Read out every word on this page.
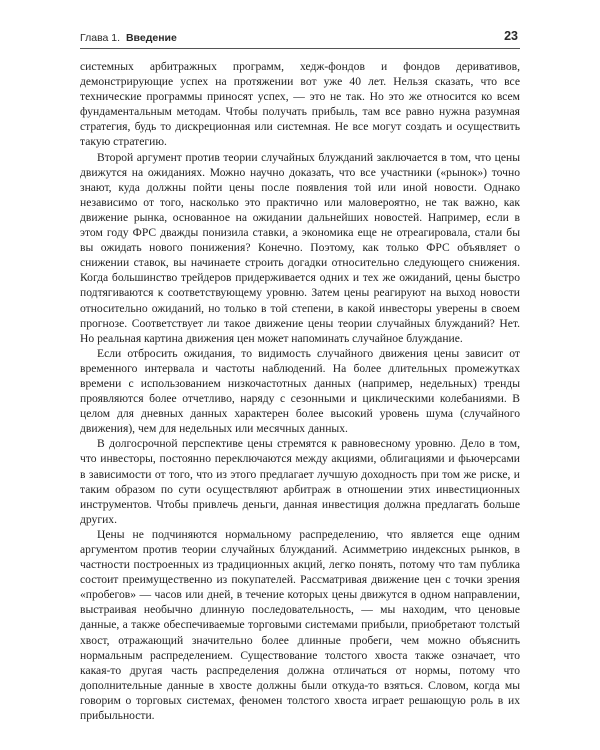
Глава 1. Введение	23

системных арбитражных программ, хедж-фондов и фондов деривативов, демонстрирующие успех на протяжении вот уже 40 лет. Нельзя сказать, что все технические программы приносят успех, — это не так. Но это же относится ко всем фундаментальным методам. Чтобы получать прибыль, там все равно нужна разумная стратегия, будь то дискреционная или системная. Не все могут создать и осуществить такую стратегию.

Второй аргумент против теории случайных блужданий заключается в том, что цены движутся на ожиданиях. Можно научно доказать, что все участники («рынок») точно знают, куда должны пойти цены после появления той или иной новости. Однако независимо от того, насколько это практично или маловероятно, не так важно, как движение рынка, основанное на ожидании дальнейших новостей. Например, если в этом году ФРС дважды понизила ставки, а экономика еще не отреагировала, стали бы вы ожидать нового понижения? Конечно. Поэтому, как только ФРС объявляет о снижении ставок, вы начинаете строить догадки относительно следующего снижения. Когда большинство трейдеров придерживается одних и тех же ожиданий, цены быстро подтягиваются к соответствующему уровню. Затем цены реагируют на выход новости относительно ожиданий, но только в той степени, в какой инвесторы уверены в своем прогнозе. Соответствует ли такое движение цены теории случайных блужданий? Нет. Но реальная картина движения цен может напоминать случайное блуждание.

Если отбросить ожидания, то видимость случайного движения цены зависит от временного интервала и частоты наблюдений. На более длительных промежутках времени с использованием низкочастотных данных (например, недельных) тренды проявляются более отчетливо, наряду с сезонными и циклическими колебаниями. В целом для дневных данных характерен более высокий уровень шума (случайного движения), чем для недельных или месячных данных.

В долгосрочной перспективе цены стремятся к равновесному уровню. Дело в том, что инвесторы, постоянно переключаются между акциями, облигациями и фьючерсами в зависимости от того, что из этого предлагает лучшую доходность при том же риске, и таким образом по сути осуществляют арбитраж в отношении этих инвестиционных инструментов. Чтобы привлечь деньги, данная инвестиция должна предлагать больше других.

Цены не подчиняются нормальному распределению, что является еще одним аргументом против теории случайных блужданий. Асимметрию индексных рынков, в частности построенных из традиционных акций, легко понять, потому что там публика состоит преимущественно из покупателей. Рассматривая движение цен с точки зрения «пробегов» — часов или дней, в течение которых цены движутся в одном направлении, выстраивая необычно длинную последовательность, — мы находим, что ценовые данные, а также обеспечиваемые торговыми системами прибыли, приобретают толстый хвост, отражающий значительно более длинные пробеги, чем можно объяснить нормальным распределением. Существование толстого хвоста также означает, что какая-то другая часть распределения должна отличаться от нормы, потому что дополнительные данные в хвосте должны были откуда-то взяться. Словом, когда мы говорим о торговых системах, феномен толстого хвоста играет решающую роль в их прибыльности.
